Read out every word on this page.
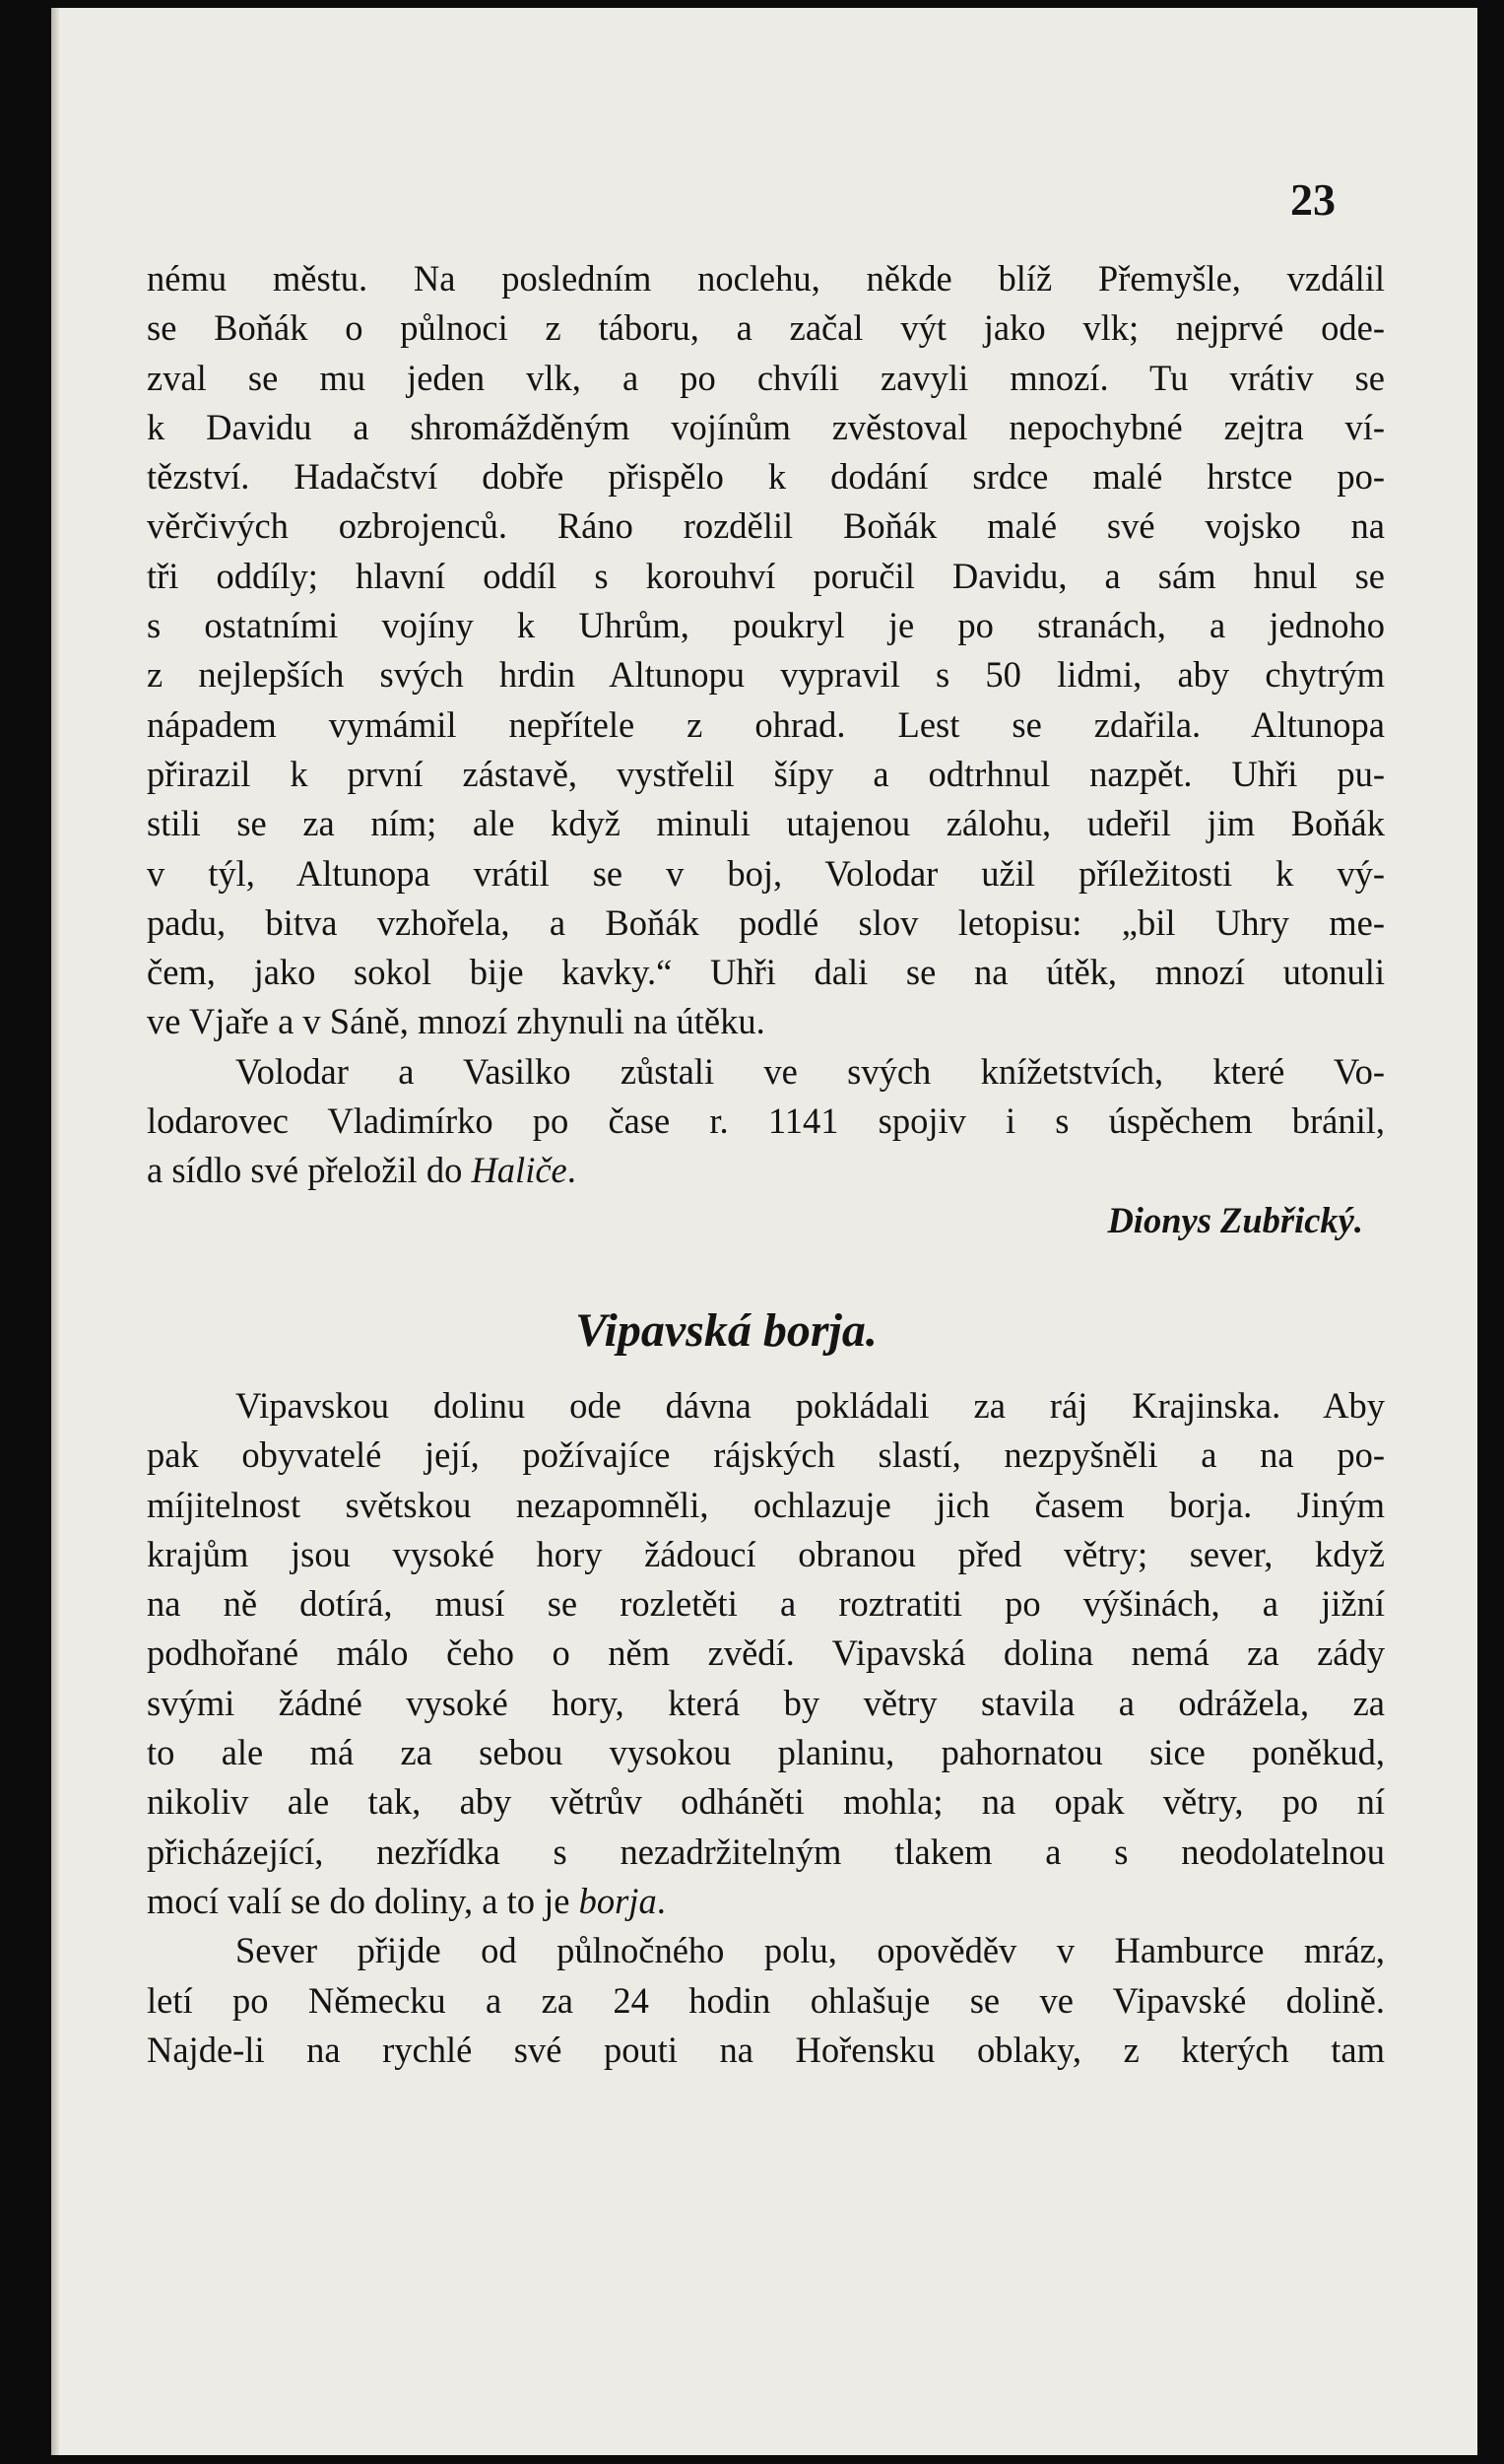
23
nému městu. Na posledním noclehu, někde blíž Přemyšle, vzdálil
se Boňák o půlnoci z táboru, a začal výt jako vlk; nejprvé ode-
zval se mu jeden vlk, a po chvíli zavyli mnozí. Tu vrátiv se
k Davidu a shromážděným vojínům zvěstoval nepochybné zejtra ví-
tězství. Hadačství dobře přispělo k dodání srdce malé hrstce po-
věrčivých ozbrojenců. Ráno rozdělil Boňák malé své vojsko na
tři oddíly; hlavní oddíl s korouhví poručil Davidu, a sám hnul se
s ostatními vojíny k Uhrům, poukryl je po stranách, a jednoho
z nejlepších svých hrdin Altunopu vypravil s 50 lidmi, aby chytrým
nápadem vymámil nepřítele z ohrad. Lest se zdařila. Altunopa
přirazil k první zástavě, vystřelil šípy a odtrhnul nazpět. Uhři pu-
stili se za ním; ale když minuli utajenou zálohu, udeřil jim Boňák
v týl, Altunopa vrátil se v boj, Volodar užil příležitosti k vý-
padu, bitva vzhořela, a Boňák podlé slov letopisu: „bil Uhry me-
čem, jako sokol bije kavky.“ Uhři dali se na útěk, mnozí utonuli
ve Vjaře a v Sáně, mnozí zhynuli na útěku.
Volodar a Vasilko zůstali ve svých knížetstvích, které Vo-
lodarovec Vladimírko po čase r. 1141 spojiv i s úspěchem bránil,
a sídlo své přeložil do Haliče.
Dionys Zubřický.
Vipavská borja.
Vipavskou dolinu ode dávna pokládali za ráj Krajinska. Aby
pak obyvatelé její, požívajíce rájských slastí, nezpyšněli a na po-
míjitelnost světskou nezapomněli, ochlazuje jich časem borja. Jiným
krajům jsou vysoké hory žádoucí obranou před větry; sever, když
na ně dotírá, musí se rozletěti a roztratiti po výšinách, a jižní
podhořané málo čeho o něm zvědí. Vipavská dolina nemá za zády
svými žádné vysoké hory, která by větry stavila a odrážela, za
to ale má za sebou vysokou planinu, pahornatou sice poněkud,
nikoliv ale tak, aby větrův odháněti mohla; na opak větry, po ní
přicházející, nezřídka s nezadržitelným tlakem a s neodolatelnou
mocí valí se do doliny, a to je borja.
Sever přijde od půlnočného polu, opověděv v Hamburce mráz,
letí po Německu a za 24 hodin ohlašuje se ve Vipavské dolině.
Najde-li na rychlé své pouti na Hořensku oblaky, z kterých tam
